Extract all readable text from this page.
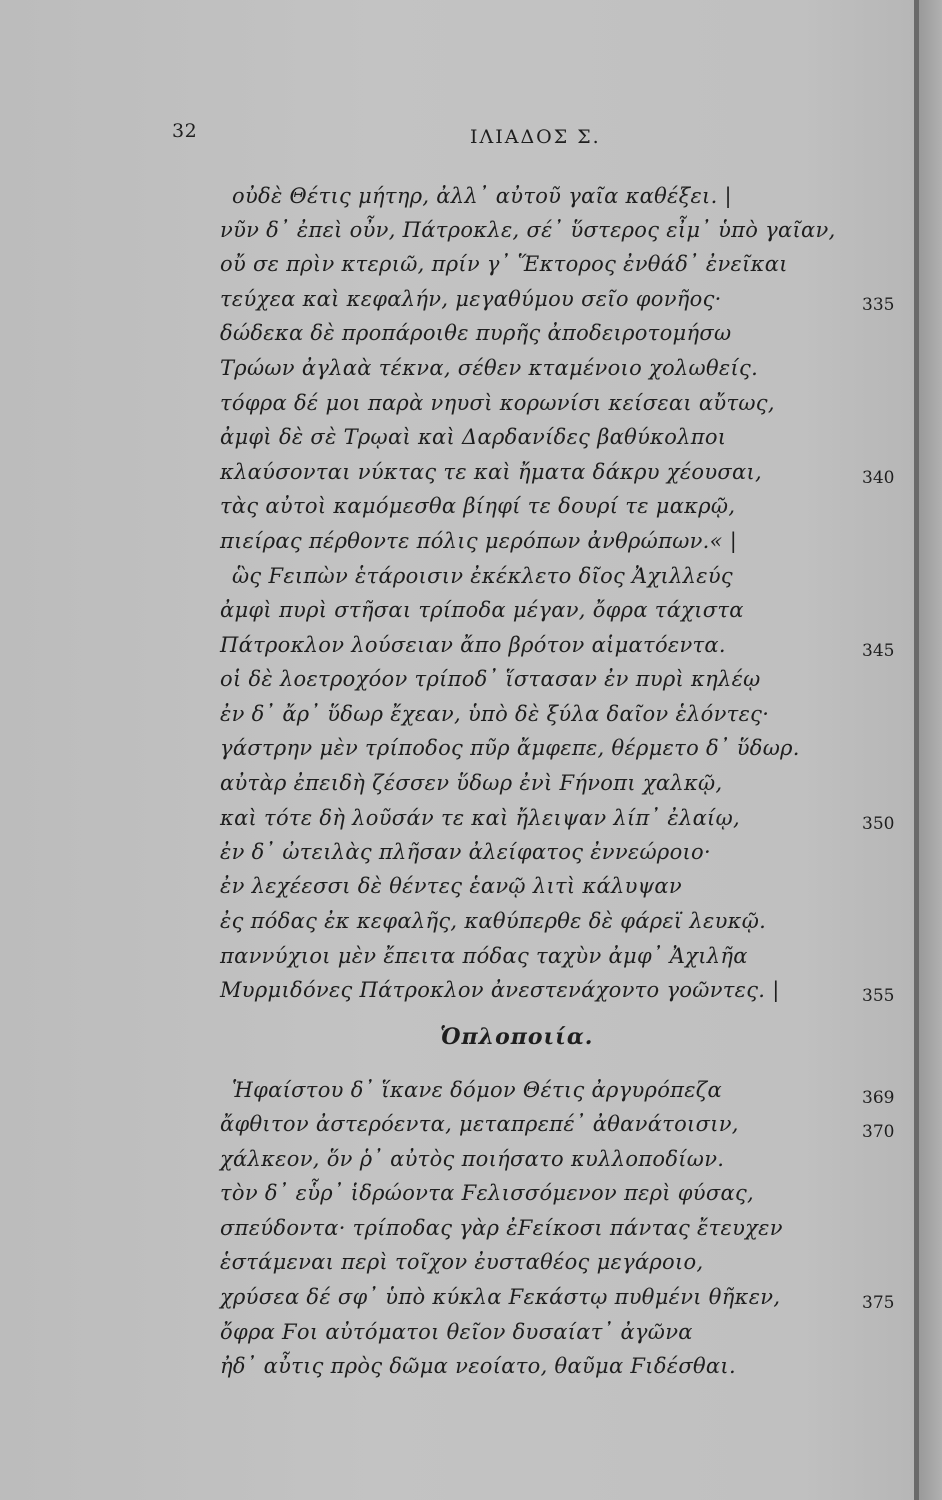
32	ΙΛΙΑΔΟΣ Σ.
οὐδὲ Θέτις μήτηρ, ἀλλ᾽ αὐτοῦ γαῖα καθέξει. |
νῦν δ᾽ ἐπεὶ οὖν, Πάτροκλε, σέ᾽ ὕστερος εἶμ᾽ ὑπὸ γαῖαν,
οὔ σε πρὶν κτεριῶ, πρίν γ᾽ Ἕκτορος ἐνθάδ᾽ ἐνεῖκαι
τεύχεα καὶ κεφαλήν, μεγαθύμου σεῖο φονῆος·
δώδεκα δὲ προπάροιθε πυρῆς ἀποδειροτομήσω
Τρώων ἀγλαὰ τέκνα, σέθεν κταμένοιο χολωθείς.
τόφρα δέ μοι παρὰ νηυσὶ κορωνίσι κείσεαι αὔτως,
ἀμφὶ δὲ σὲ Τρῳαὶ καὶ Δαρδανίδες βαθύκολποι
κλαύσονται νύκτας τε καὶ ἤματα δάκρυ χέουσαι,
τὰς αὐτοὶ καμόμεσθα βίηφί τε δουρί τε μακρῷ,
πιείρας πέρθοντε πόλις μερόπων ἀνθρώπων.« |
ὣς Ϝειπὼν ἑτάροισιν ἐκέκλετο δῖος Ἀχιλλεύς
ἀμφὶ πυρὶ στῆσαι τρίποδα μέγαν, ὄφρα τάχιστα
Πάτροκλον λούσειαν ἄπο βρότον αἱματόεντα.
οἱ δὲ λοετροχόον τρίποδ᾽ ἵστασαν ἐν πυρὶ κηλέῳ
ἐν δ᾽ ἄρ᾽ ὕδωρ ἔχεαν, ὑπὸ δὲ ξύλα δαῖον ἑλόντες·
γάστρην μὲν τρίποδος πῦρ ἄμφεπε, θέρμετο δ᾽ ὕδωρ.
αὐτὰρ ἐπειδὴ ζέσσεν ὕδωρ ἐνὶ Ϝήνοπι χαλκῷ,
καὶ τότε δὴ λοῦσάν τε καὶ ἤλειψαν λίπ᾽ ἐλαίῳ,
ἐν δ᾽ ὠτειλὰς πλῆσαν ἀλείφατος ἐννεώροιο·
ἐν λεχέεσσι δὲ θέντες ἑανῷ λιτὶ κάλυψαν
ἐς πόδας ἐκ κεφαλῆς, καθύπερθε δὲ φάρεϊ λευκῷ.
παννύχιοι μὲν ἔπειτα πόδας ταχὺν ἀμφ᾽ Ἀχιλῆα
Μυρμιδόνες Πάτροκλον ἀνεστενάχοντο γοῶντες. |
335
340
345
350
355
Ὁπλοποιία.
Ἡφαίστου δ᾽ ἵκανε δόμον Θέτις ἀργυρόπεζα
ἄφθιτον ἀστερόεντα, μεταπρεπέ᾽ ἀθανάτοισιν,
χάλκεον, ὅν ῥ᾽ αὐτὸς ποιήσατο κυλλοποδίων.
τὸν δ᾽ εὗρ᾽ ἱδρώοντα Ϝελισσόμενον περὶ φύσας,
σπεύδοντα· τρίποδας γὰρ ἐϜείκοσι πάντας ἔτευχεν
ἑστάμεναι περὶ τοῖχον ἐυσταθέος μεγάροιο,
χρύσεα δέ σφ᾽ ὑπὸ κύκλα Ϝεκάστῳ πυθμένι θῆκεν,
ὄφρα Ϝοι αὐτόματοι θεῖον δυσαίατ᾽ ἀγῶνα
ἠδ᾽ αὖτις πρὸς δῶμα νεοίατο, θαῦμα Ϝιδέσθαι.
369
370
375
